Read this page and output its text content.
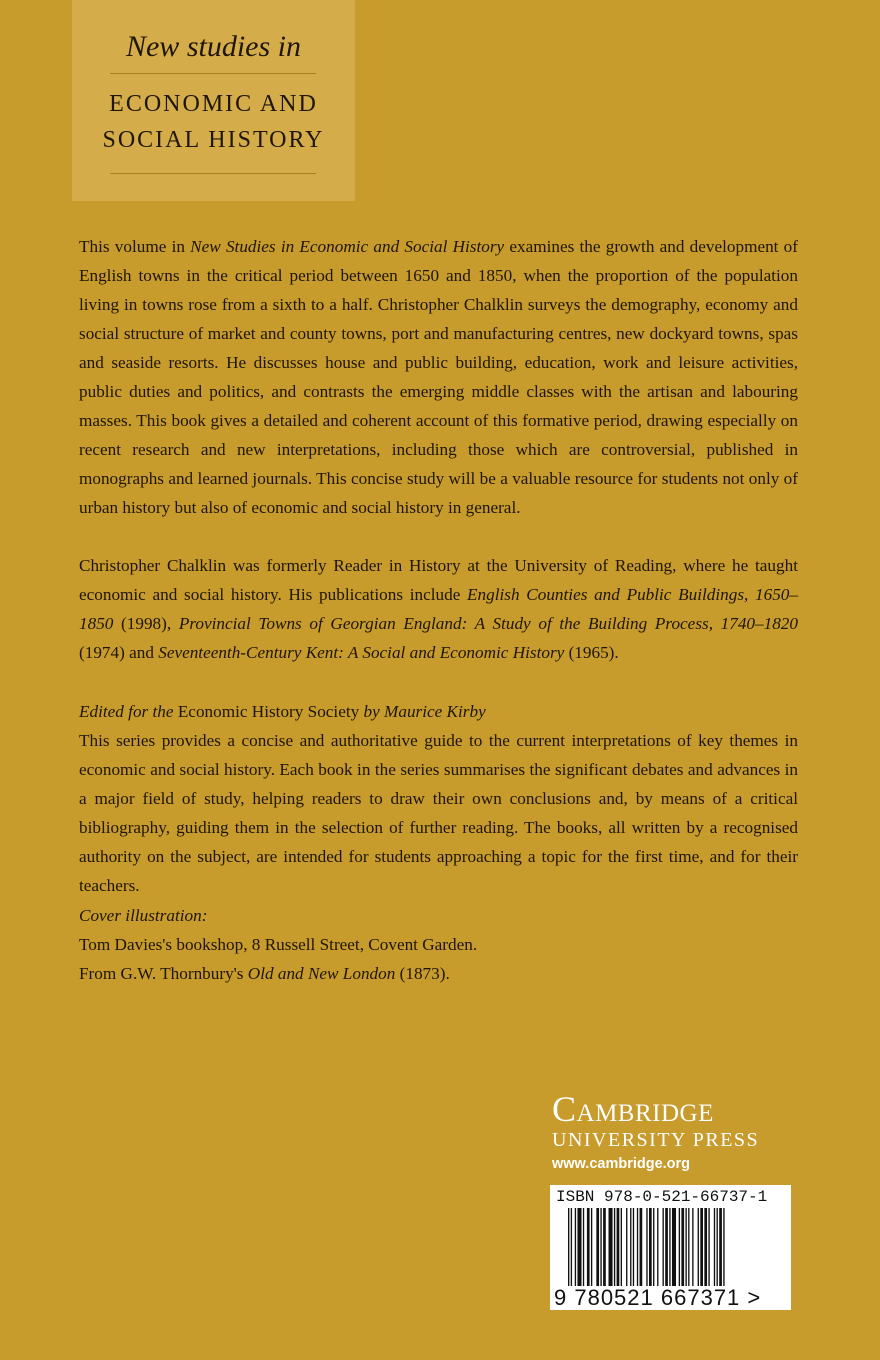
New studies in
ECONOMIC AND
SOCIAL HISTORY

This volume in New Studies in Economic and Social History examines the growth and development of English towns in the critical period between 1650 and 1850, when the proportion of the population living in towns rose from a sixth to a half. Christopher Chalklin surveys the demography, economy and social structure of market and county towns, port and manufacturing centres, new dockyard towns, spas and seaside resorts. He discusses house and public building, education, work and leisure activities, public duties and politics, and contrasts the emerging middle classes with the artisan and labouring masses. This book gives a detailed and coherent account of this formative period, drawing especially on recent research and new interpretations, including those which are controversial, published in monographs and learned journals. This concise study will be a valuable resource for students not only of urban history but also of economic and social history in general.

Christopher Chalklin was formerly Reader in History at the University of Reading, where he taught economic and social history. His publications include English Counties and Public Buildings, 1650–1850 (1998), Provincial Towns of Georgian England: A Study of the Building Process, 1740–1820 (1974) and Seventeenth-Century Kent: A Social and Economic History (1965).

Edited for the Economic History Society by Maurice Kirby

This series provides a concise and authoritative guide to the current interpretations of key themes in economic and social history. Each book in the series summarises the significant debates and advances in a major field of study, helping readers to draw their own conclusions and, by means of a critical bibliography, guiding them in the selection of further reading. The books, all written by a recognised authority on the subject, are intended for students approaching a topic for the first time, and for their teachers.

Cover illustration:

Tom Davies's bookshop, 8 Russell Street, Covent Garden.

From G.W. Thornbury's Old and New London (1873).

Cambridge
UNIVERSITY PRESS
www.cambridge.org
ISBN 978-0-521-66737-1
9 780521 667371 >
